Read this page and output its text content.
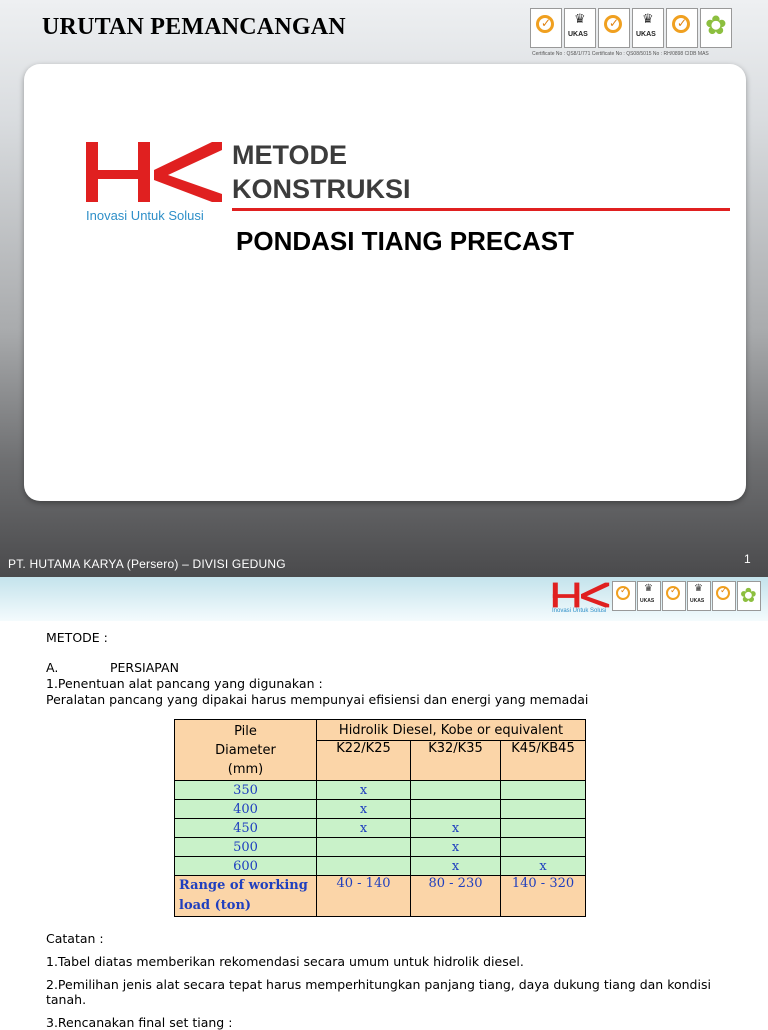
URUTAN PEMANCANGAN
✓
♛ UKAS
✓
♛ UKAS
✓
✿
Certificate No : QS8/1/771 Certificate No : QS08/5015 No : RH/0898 CIDB MAS
Inovasi Untuk Solusi
METODE
KONSTRUKSI
PONDASI TIANG PRECAST
PT. HUTAMA KARYA (Persero) – DIVISI GEDUNG	1
Inovasi Untuk Solusi
✓
♛ UKAS
✓
♛ UKAS
✓
✿
METODE :
A.	PERSIAPAN
1.Penentuan alat pancang yang digunakan :
Peralatan pancang yang dipakai harus mempunyai efisiensi dan energi yang memadai
Pile
Diameter
(mm)	Hidrolik Diesel, Kobe or equivalent		
	K22/K25	K32/K35	K45/KB45
350	x		
400	x		
450	x	x	
500		x	
600		x	x

Range of working
load (ton)	40 - 140	80 - 230	140 - 320
Catatan :
1.Tabel diatas memberikan rekomendasi secara umum untuk hidrolik diesel.
2.Pemilihan jenis alat secara tepat harus memperhitungkan panjang tiang, daya dukung tiang dan kondisi
tanah.
3.Rencanakan final set tiang :
